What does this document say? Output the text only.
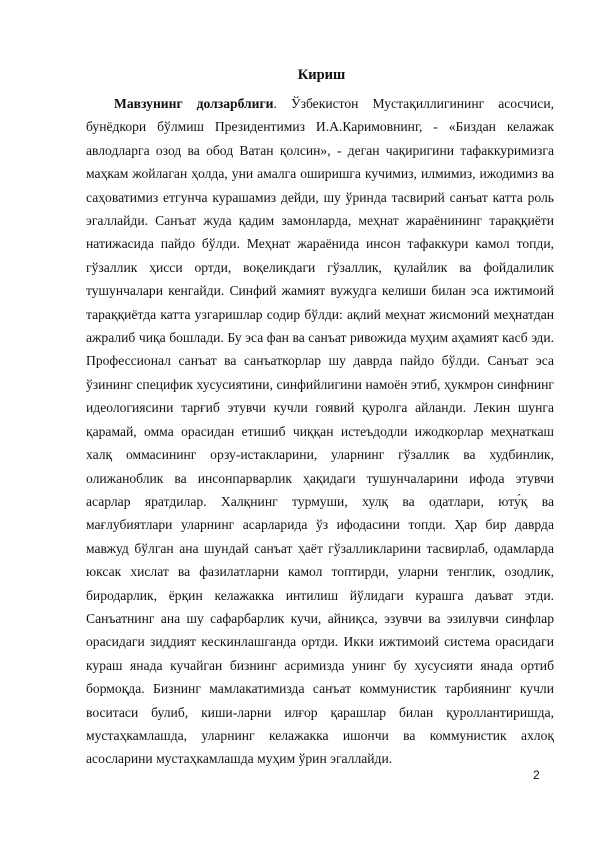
Кириш

Мавзунинг долзарблиги. Ўзбекистон Мустақиллигининг асосчиси, бунёдкори бўлмиш Президентимиз И.А.Каримовнинг, - «Биздан келажак авлодларга озод ва обод Ватан қолсин», - деган чақиригини тафаккуримизга маҳкам жойлаган ҳолда, уни амалга оширишга кучимиз, илмимиз, ижодимиз ва саҳоватимиз етгунча курашамиз дейди, шу ўринда тасвирий санъат катта роль эгаллайди. Санъат жуда қадим замонларда, меҳнат жараёнининг тараққиёти натижасида пайдо бўлди. Меҳнат жараёнида инсон тафаккури камол топди, гўзаллик ҳисси ортди, воқеликдаги гўзаллик, қулайлик ва фойдалилик тушунчалари кенгайди. Синфий жамият вужудга келиши билан эса ижтимоий тараққиётда катта узгаришлар содир бўлди: ақлий меҳнат жисмоний меҳнатдан ажралиб чиқа бошлади. Бу эса фан ва санъат ривожида муҳим аҳамият касб эди. Профессионал санъат ва санъаткорлар шу даврда пайдо бўлди. Санъат эса ўзининг специфик хусусиятини, синфийлигини намоён этиб, ҳукмрон синфнинг идеологиясини тарғиб этувчи кучли гоявий қуролга айланди. Лекин шунга қарамай, омма орасидан етишиб чиққан истеъдодли ижодкорлар меҳнаткаш халқ оммасининг орзу-истакларини, уларнинг гўзаллик ва худбинлик, олижаноблик ва инсонпарварлик ҳақидаги тушунчаларини ифода этувчи асарлар яратдилар. Халқнинг турмуши, хулқ ва одатлари, юту́қ ва мағлубиятлари уларнинг асарларида ўз ифодасини топди. Ҳар бир даврда мавжуд бўлган ана шундай санъат ҳаёт гўзалликларини тасвирлаб, одамларда юксак хислат ва фазилатларни камол топтирди, уларни тенглик, озодлик, биродарлик, ёрқин келажакка интилиш йўлидаги курашга даъват этди. Санъатнинг ана шу сафарбарлик кучи, айниқса, эзувчи ва эзилувчи синфлар орасидаги зиддият кескинлашганда ортди. Икки ижтимоий система орасидаги кураш янада кучайган бизнинг асримизда унинг бу хусусияти янада ортиб бормоқда. Бизнинг мамлакатимизда санъат коммунистик тарбиянинг кучли воситаси булиб, киши-ларни илғор қарашлар билан қуроллантиришда, мустаҳкамлашда, уларнинг келажакка ишончи ва коммунистик ахлоқ асосларини мустаҳкамлашда муҳим ўрин эгаллайди.

2
